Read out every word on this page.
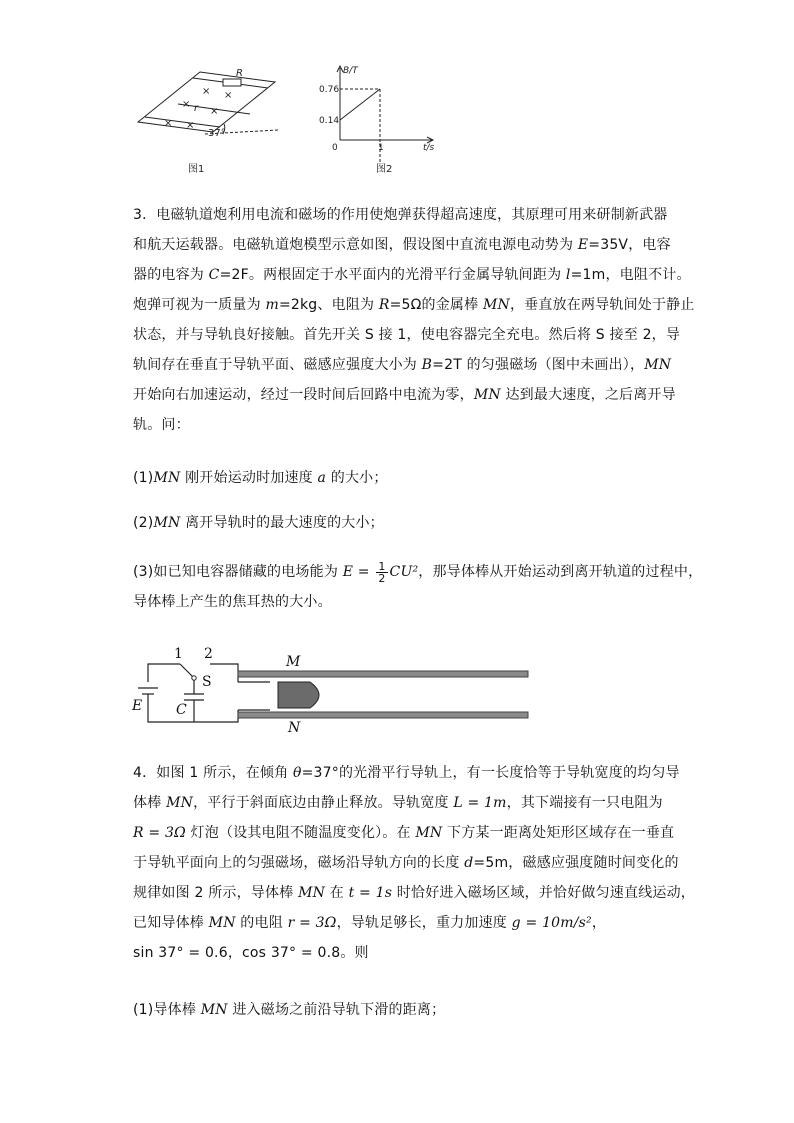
R
r
37°
×
×
×
×
× ×
图1
B/T
0.76
0.14
0	1	t/s
图2
3．电磁轨道炮利用电流和磁场的作用使炮弹获得超高速度，其原理可用来研制新武器
和航天运载器。电磁轨道炮模型示意如图，假设图中直流电源电动势为 E=35V，电容
器的电容为 C=2F。两根固定于水平面内的光滑平行金属导轨间距为 l=1m，电阻不计。
炮弹可视为一质量为 m=2kg、电阻为 R=5Ω的金属棒 MN，垂直放在两导轨间处于静止
状态，并与导轨良好接触。首先开关 S 接 1，使电容器完全充电。然后将 S 接至 2，导
轨间存在垂直于导轨平面、磁感应强度大小为 B=2T 的匀强磁场（图中未画出），MN
开始向右加速运动，经过一段时间后回路中电流为零，MN 达到最大速度，之后离开导
轨。问：
(1)MN 刚开始运动时加速度 a 的大小；
(2)MN 离开导轨时的最大速度的大小；
(3)如已知电容器储藏的电场能为 $E = \frac{1}{2} CU^2$，那导体棒从开始运动到离开轨道的过程中，
导体棒上产生的焦耳热的大小。
1 2
S
E C
M
N
4．如图 1 所示，在倾角 θ=37°的光滑平行导轨上，有一长度恰等于导轨宽度的均匀导
体棒 MN，平行于斜面底边由静止释放。导轨宽度 L = 1m，其下端接有一只电阻为
R = 3Ω 灯泡（设其电阻不随温度变化）。在 MN 下方某一距离处矩形区域存在一垂直
于导轨平面向上的匀强磁场，磁场沿导轨方向的长度 d=5m，磁感应强度随时间变化的
规律如图 2 所示，导体棒 MN 在 t = 1s 时恰好进入磁场区域，并恰好做匀速直线运动，
已知导体棒 MN 的电阻 r = 3Ω，导轨足够长，重力加速度 g = 10m/s²，
sin 37° = 0.6，cos 37° = 0.8。则
(1)导体棒 MN 进入磁场之前沿导轨下滑的距离；
